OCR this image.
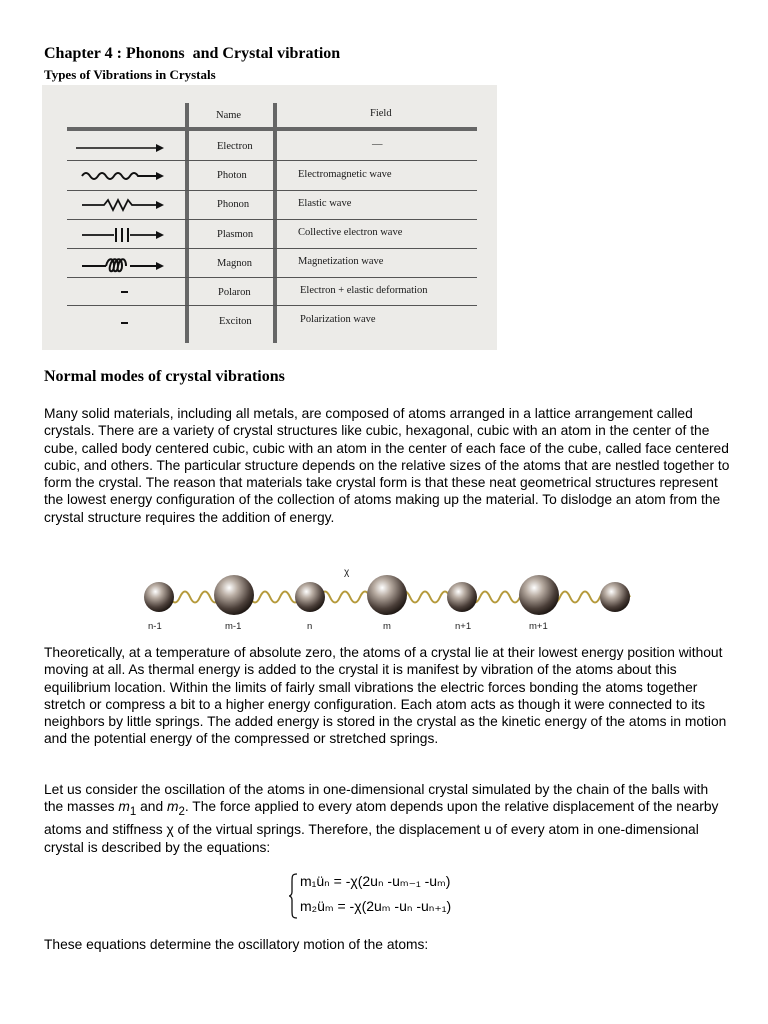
Chapter 4 : Phonons  and Crystal vibration
Types of Vibrations in Crystals
Name	Field
Electron	—
Photon	Electromagnetic wave
Phonon	Elastic wave
Plasmon	Collective electron wave
Magnon	Magnetization wave
Polaron	Electron + elastic deformation
Exciton	Polarization wave
Normal modes of crystal vibrations
Many solid materials, including all metals, are composed of atoms arranged in a lattice arrangement called crystals. There are a variety of crystal structures like cubic, hexagonal, cubic with an atom in the center of the cube, called body centered cubic, cubic with an atom in the center of each face of the cube, called face centered cubic, and others. The particular structure depends on the relative sizes of the atoms that are nestled together to form the crystal. The reason that materials take crystal form is that these neat geometrical structures represent the lowest energy configuration of the collection of atoms making up the material. To dislodge an atom from the crystal structure requires the addition of energy.
χ
n-1	m-1	n	m	n+1	m+1
Theoretically, at a temperature of absolute zero, the atoms of a crystal lie at their lowest energy position without moving at all. As thermal energy is added to the crystal it is manifest by vibration of the atoms about this equilibrium location. Within the limits of fairly small vibrations the electric forces bonding the atoms together stretch or compress a bit to a higher energy configuration. Each atom acts as though it were connected to its neighbors by little springs. The added energy is stored in the crystal as the kinetic energy of the atoms in motion and the potential energy of the compressed or stretched springs.
Let us consider the oscillation of the atoms in one-dimensional crystal simulated by the chain of the balls with the masses $m_1$ and $m_2$. The force applied to every atom depends upon the relative displacement of the nearby atoms and stiffness χ of the virtual springs. Therefore, the displacement u of every atom in one-dimensional crystal is described by the equations:
m₁üₙ = -χ(2uₙ -uₘ₋₁ -uₘ)
m₂üₘ = -χ(2uₘ -uₙ -uₙ₊₁)
These equations determine the oscillatory motion of the atoms:
